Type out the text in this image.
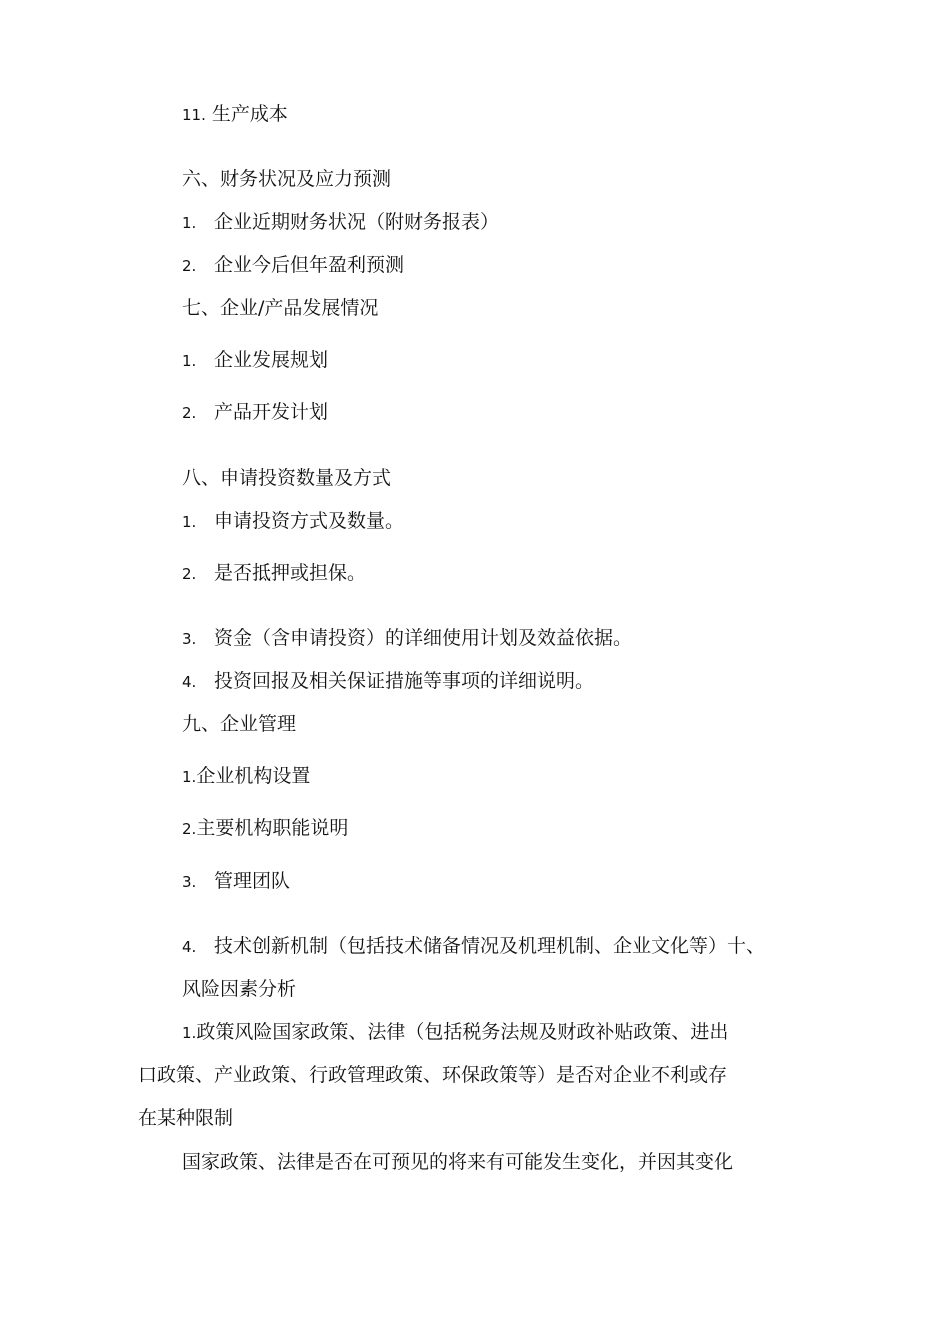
11. 生产成本
六、财务状况及应力预测
1. 企业近期财务状况（附财务报表）
2. 企业今后但年盈利预测
七、企业/产品发展情况
1. 企业发展规划
2. 产品开发计划
八、申请投资数量及方式
1. 申请投资方式及数量。
2. 是否抵押或担保。
3. 资金（含申请投资）的详细使用计划及效益依据。
4. 投资回报及相关保证措施等事项的详细说明。
九、企业管理
1.企业机构设置
2.主要机构职能说明
3. 管理团队
4. 技术创新机制（包括技术储备情况及机理机制、企业文化等）十、
风险因素分析
1.政策风险国家政策、法律（包括税务法规及财政补贴政策、进出
口政策、产业政策、行政管理政策、环保政策等）是否对企业不利或存
在某种限制
国家政策、法律是否在可预见的将来有可能发生变化，并因其变化
